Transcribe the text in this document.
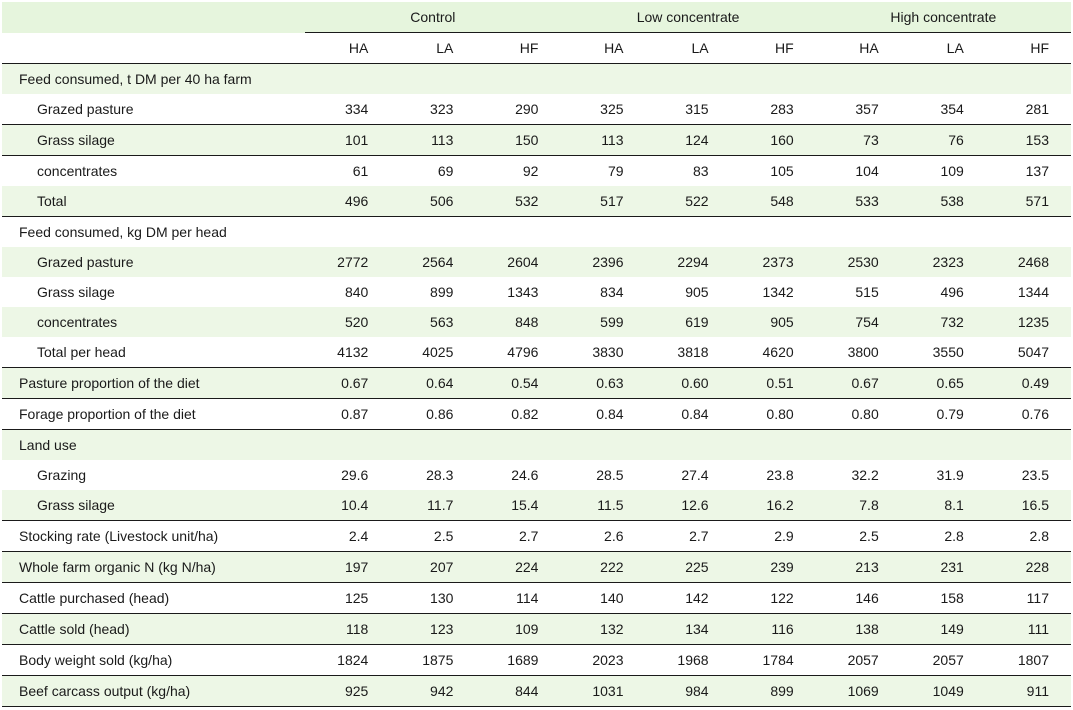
	Control			Low concentrate			High concentrate		
	HA	LA	HF	HA	LA	HF	HA	LA	HF
Feed consumed, t DM per 40 ha farm									
Grazed pasture	334	323	290	325	315	283	357	354	281
Grass silage	101	113	150	113	124	160	73	76	153
concentrates	61	69	92	79	83	105	104	109	137
Total	496	506	532	517	522	548	533	538	571
Feed consumed, kg DM per head									
Grazed pasture	2772	2564	2604	2396	2294	2373	2530	2323	2468
Grass silage	840	899	1343	834	905	1342	515	496	1344
concentrates	520	563	848	599	619	905	754	732	1235
Total per head	4132	4025	4796	3830	3818	4620	3800	3550	5047
Pasture proportion of the diet	0.67	0.64	0.54	0.63	0.60	0.51	0.67	0.65	0.49
Forage proportion of the diet	0.87	0.86	0.82	0.84	0.84	0.80	0.80	0.79	0.76
Land use									
Grazing	29.6	28.3	24.6	28.5	27.4	23.8	32.2	31.9	23.5
Grass silage	10.4	11.7	15.4	11.5	12.6	16.2	7.8	8.1	16.5
Stocking rate (Livestock unit/ha)	2.4	2.5	2.7	2.6	2.7	2.9	2.5	2.8	2.8
Whole farm organic N (kg N/ha)	197	207	224	222	225	239	213	231	228
Cattle purchased (head)	125	130	114	140	142	122	146	158	117
Cattle sold (head)	118	123	109	132	134	116	138	149	111
Body weight sold (kg/ha)	1824	1875	1689	2023	1968	1784	2057	2057	1807
Beef carcass output (kg/ha)	925	942	844	1031	984	899	1069	1049	911
